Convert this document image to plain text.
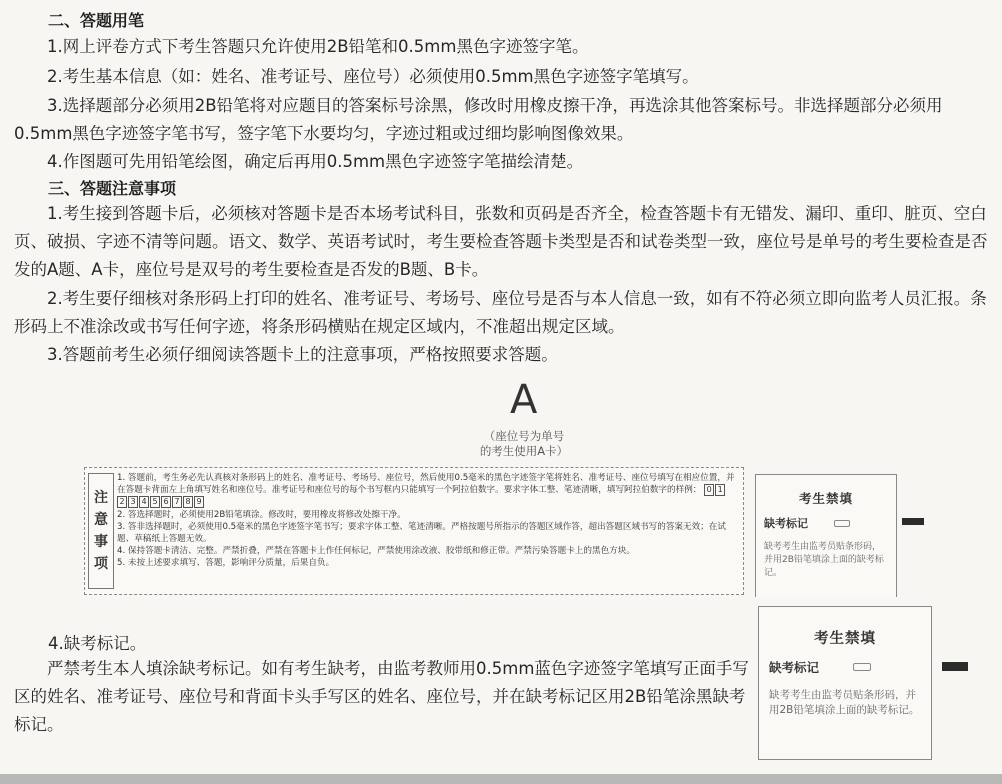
二、答题用笔
1.网上评卷方式下考生答题只允许使用2B铅笔和0.5mm黑色字迹签字笔。
2.考生基本信息（如：姓名、准考证号、座位号）必须使用0.5mm黑色字迹签字笔填写。
3.选择题部分必须用2B铅笔将对应题目的答案标号涂黑，修改时用橡皮擦干净，再选涂其他答案标号。非选择题部分必须用0.5mm黑色字迹签字笔书写，签字笔下水要均匀，字迹过粗或过细均影响图像效果。
4.作图题可先用铅笔绘图，确定后再用0.5mm黑色字迹签字笔描绘清楚。
三、答题注意事项
1.考生接到答题卡后，必须核对答题卡是否本场考试科目，张数和页码是否齐全，检查答题卡有无错发、漏印、重印、脏页、空白页、破损、字迹不清等问题。语文、数学、英语考试时，考生要检查答题卡类型是否和试卷类型一致，座位号是单号的考生要检查是否发的A题、A卡，座位号是双号的考生要检查是否发的B题、B卡。
2.考生要仔细核对条形码上打印的姓名、准考证号、考场号、座位号是否与本人信息一致，如有不符必须立即向监考人员汇报。条形码上不准涂改或书写任何字迹，将条形码横贴在规定区域内，不准超出规定区域。
3.答题前考生必须仔细阅读答题卡上的注意事项，严格按照要求答题。
A
（座位号为单号
的考生使用A卡）
注
意
事
项

1. 答题前，考生务必先认真核对条形码上的姓名、准考证号、考场号、座位号，然后使用0.5毫米的黑色字迹签字笔将姓名、准考证号、座位号填写在相应位置，并在答题卡背面左上角填写姓名和座位号。准考证号和座位号的每个书写框内只能填写一个阿拉伯数字。要求字体工整、笔迹清晰，填写阿拉伯数字的样例： 0 12 3 4 5 6 7 8 9

2. 答选择题时，必须使用2B铅笔填涂。修改时，要用橡皮将修改处擦干净。

3. 答非选择题时，必须使用0.5毫米的黑色字迹签字笔书写；要求字体工整、笔迹清晰。严格按题号所指示的答题区域作答，超出答题区域书写的答案无效；在试题、草稿纸上答题无效。

4. 保持答题卡清洁、完整。严禁折叠，严禁在答题卡上作任何标记，严禁使用涂改液、胶带纸和修正带。严禁污染答题卡上的黑色方块。

5. 未按上述要求填写、答题，影响评分质量，后果自负。

考生禁填
缺考标记
缺考考生由监考员贴条形码，并用2B铅笔填涂上面的缺考标记。
4.缺考标记。
严禁考生本人填涂缺考标记。如有考生缺考，由监考教师用0.5mm蓝色字迹签字笔填写正面手写区的姓名、准考证号、座位号和背面卡头手写区的姓名、座位号，并在缺考标记区用2B铅笔涂黑缺考标记。
考生禁填
缺考标记
缺考考生由监考员贴条形码，并用2B铅笔填涂上面的缺考标记。
